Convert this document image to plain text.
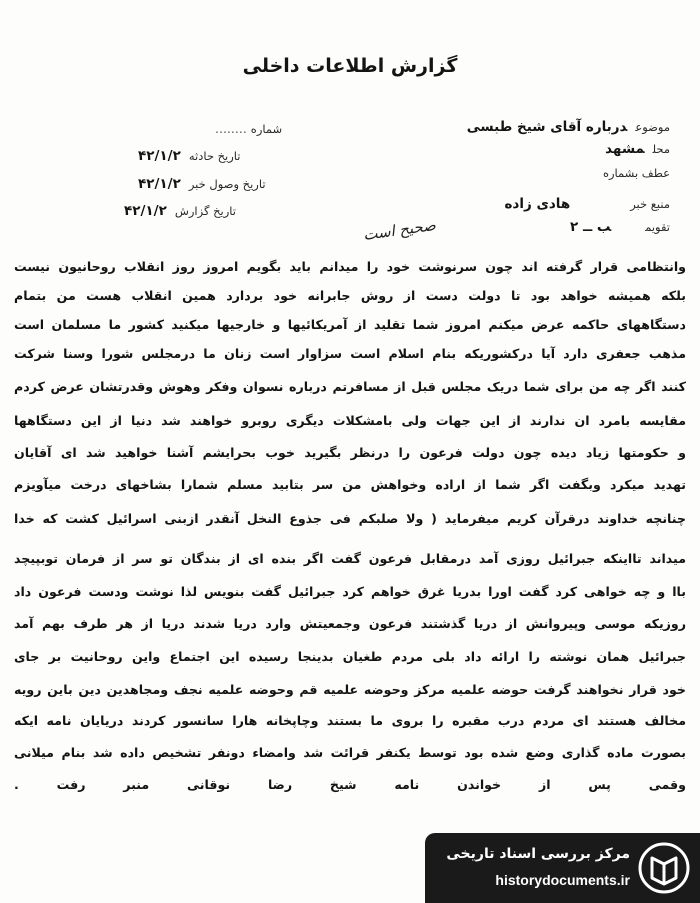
گزارش اطلاعات داخلی
شماره........
تاریخ حادثه۴۲/۱/۲
تاریخ وصول خبر۴۲/۱/۲
تاریخ گزارش۴۲/۱/۲
موضوعدرباره آقای شیخ طبسی
محلمشهد
عطف بشماره
منبع خبرهادی زاده
تقویمب ــ ۲
صحیح است
وانتظامی قرار گرفته اند چون سرنوشت خود را میدانم باید بگویم امروز روز انقلاب روحانیون نیست
بلکه همیشه خواهد بود تا دولت دست از روش جابرانه خود بردارد همین انقلاب هست من بتمام
دستگاههای حاکمه عرض میکنم امروز شما تقلید از آمریکائیها و خارجیها میکنید کشور ما مسلمان است
مذهب جعفری دارد آیا درکشوریکه بنام اسلام است سزاوار است زنان ما درمجلس شورا وسنا شرکت
کنند اگر چه من برای شما دریک مجلس قبل از مسافرتم درباره نسوان وفکر وهوش وقدرتشان عرض کردم
مقایسه بامرد ان ندارند از این جهات ولی بامشکلات دیگری روبرو خواهند شد دنیا از این دستگاهها
و حکومتها زیاد دیده چون دولت فرعون را درنظر بگیرید خوب بحرایشم آشنا خواهید شد ای آقایان
تهدید میکرد وبگفت اگر شما از اراده وخواهش من سر بتابید مسلم شمارا بشاخهای درخت میآویزم
چنانچه خداوند درقرآن کریم میفرماید ( ولا صلبکم فی جذوع النخل آنقدر ازبنی اسرائیل کشت که خدا
میداند تااینکه جبرائیل روزی آمد درمقابل فرعون گفت اگر بنده ای از بندگان تو سر از فرمان توبپیچد
باا و چه خواهی کرد گفت اورا بدریا غرق خواهم کرد جبرائیل گفت بنویس لذا نوشت ودست فرعون داد
روزیکه موسی وپیروانش از دریا گذشتند فرعون وجمعیتش وارد دریا شدند دریا از هر طرف بهم آمد
جبرائیل همان نوشته را ارائه داد بلی مردم طغیان بدینجا رسیده این اجتماع واین روحانیت بر جای
خود قرار نخواهند گرفت حوضه علمیه مرکز وحوضه علمیه قم وحوضه علمیه نجف ومجاهدین دین باین رویه
مخالف هستند ای مردم درب مقبره را بروی ما بستند وچاپخانه هارا سانسور کردند دریایان نامه ایکه
بصورت ماده گذاری وضع شده بود توسط یکنفر قرائت شد وامضاء دونفر تشخیص داده شد بنام میلانی
وقمی پس از خواندن نامه شیخ رضا نوقانی منبر رفت .
مرکز بررسی اسناد تاریخی
historydocuments.ir
